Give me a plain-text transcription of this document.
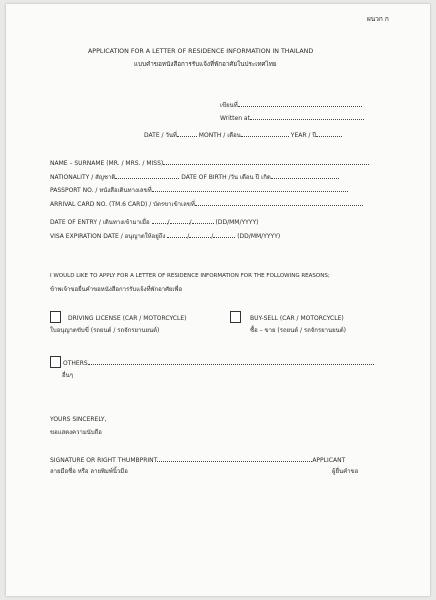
ผนวก ก
APPLICATION FOR A LETTER OF RESIDENCE INFORMATION IN THAILAND
แบบคำขอหนังสือการรับแจ้งที่พักอาศัยในประเทศไทย
เขียนที่
Written at
DATE / วันที่	MONTH / เดือน	YEAR / ปี
NAME – SURNAME (MR. / MRS. / MISS)
NATIONALITY / สัญชาติ	DATE OF BIRTH /วัน เดือน ปี เกิด
PASSPORT NO. / หนังสือเดินทางเลขที่
ARRIVAL CARD NO. (TM.6 CARD) / บัตรขาเข้าเลขที่
DATE OF ENTRY / เดินทางเข้ามาเมื่อ	/	/	(DD/MM/YYYY)
VISA EXPIRATION DATE / อนุญาตให้อยู่ถึง	/	/	(DD/MM/YYYY)
I WOULD LIKE TO APPLY FOR A LETTER OF RESIDENCE INFORMATION FOR THE FOLLOWING REASONS;
ข้าพเจ้าขอยื่นคำขอหนังสือการรับแจ้งที่พักอาศัยเพื่อ
DRIVING LICENSE (CAR / MOTORCYCLE)
ใบอนุญาตขับขี่ (รถยนต์ / รถจักรยานยนต์)
BUY-SELL (CAR / MOTORCYCLE)
ซื้อ – ขาย (รถยนต์ / รถจักรยานยนต์)
OTHERS
อื่นๆ
YOURS SINCERELY,
ขอแสดงความนับถือ
SIGNATURE OR RIGHT THUMBPRINT	APPLICANT
ลายมือชื่อ หรือ ลายพิมพ์นิ้วมือ	ผู้ยื่นคำขอ
